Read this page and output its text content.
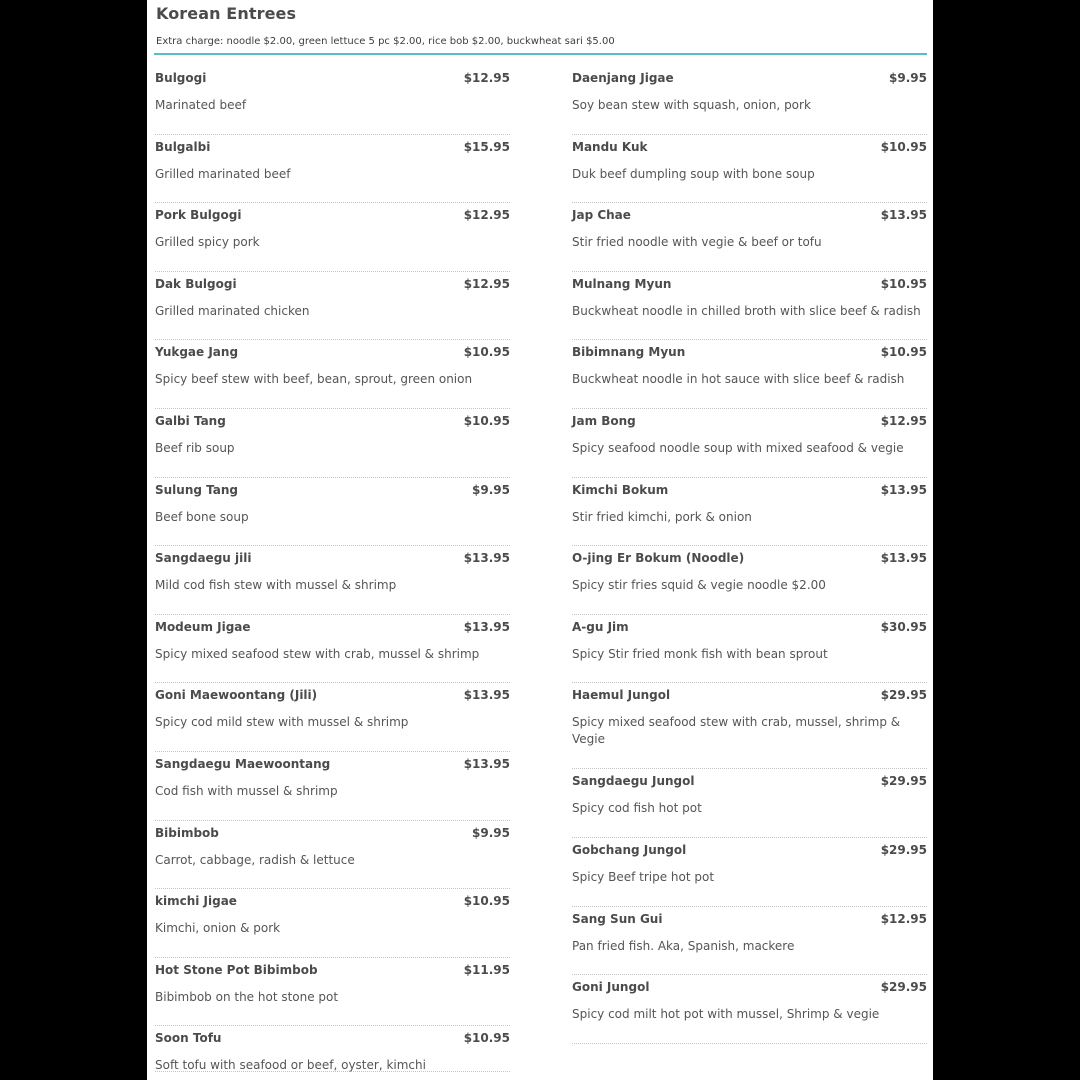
Korean Entrees
Extra charge: noodle $2.00, green lettuce 5 pc $2.00, rice bob $2.00, buckwheat sari $5.00
Bulgogi	$12.95
Marinated beef
Bulgalbi	$15.95
Grilled marinated beef
Pork Bulgogi	$12.95
Grilled spicy pork
Dak Bulgogi	$12.95
Grilled marinated chicken
Yukgae Jang	$10.95
Spicy beef stew with beef, bean, sprout, green onion
Galbi Tang	$10.95
Beef rib soup
Sulung Tang	$9.95
Beef bone soup
Sangdaegu jili	$13.95
Mild cod fish stew with mussel & shrimp
Modeum Jigae	$13.95
Spicy mixed seafood stew with crab, mussel & shrimp
Goni Maewoontang (Jili)	$13.95
Spicy cod mild stew with mussel & shrimp
Sangdaegu Maewoontang	$13.95
Cod fish with mussel & shrimp
Bibimbob	$9.95
Carrot, cabbage, radish & lettuce
kimchi Jigae	$10.95
Kimchi, onion & pork
Hot Stone Pot Bibimbob	$11.95
Bibimbob on the hot stone pot
Soon Tofu	$10.95
Soft tofu with seafood or beef, oyster, kimchi
Daenjang Jigae	$9.95
Soy bean stew with squash, onion, pork
Mandu Kuk	$10.95
Duk beef dumpling soup with bone soup
Jap Chae	$13.95
Stir fried noodle with vegie & beef or tofu
Mulnang Myun	$10.95
Buckwheat noodle in chilled broth with slice beef & radish
Bibimnang Myun	$10.95
Buckwheat noodle in hot sauce with slice beef & radish
Jam Bong	$12.95
Spicy seafood noodle soup with mixed seafood & vegie
Kimchi Bokum	$13.95
Stir fried kimchi, pork & onion
O-jing Er Bokum (Noodle)	$13.95
Spicy stir fries squid & vegie noodle $2.00
A-gu Jim	$30.95
Spicy Stir fried monk fish with bean sprout
Haemul Jungol	$29.95
Spicy mixed seafood stew with crab, mussel, shrimp & Vegie
Sangdaegu Jungol	$29.95
Spicy cod fish hot pot
Gobchang Jungol	$29.95
Spicy Beef tripe hot pot
Sang Sun Gui	$12.95
Pan fried fish. Aka, Spanish, mackere
Goni Jungol	$29.95
Spicy cod milt hot pot with mussel, Shrimp & vegie
